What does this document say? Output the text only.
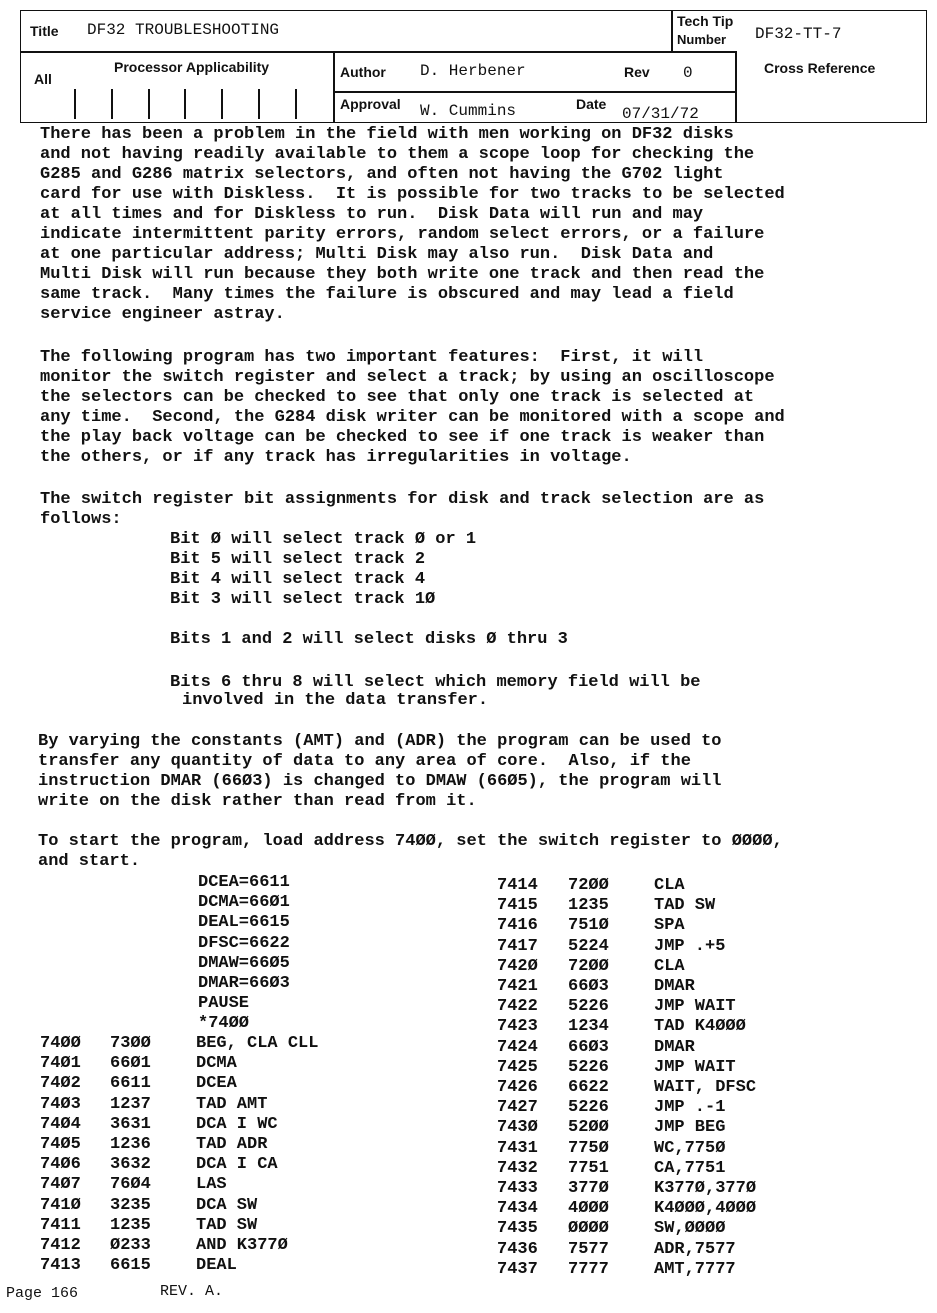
Title DF32 TROUBLESHOOTING	Tech Tip
Number DF32-TT-7
All
Processor Applicability	Author D. Herbener	Rev 0	Cross Reference
Approval W. Cummins	Date
07/31/72
There has been a problem in the field with men working on DF32 disks
and not having readily available to them a scope loop for checking the
G285 and G286 matrix selectors, and often not having the G702 light
card for use with Diskless.  It is possible for two tracks to be selected
at all times and for Diskless to run.  Disk Data will run and may
indicate intermittent parity errors, random select errors, or a failure
at one particular address; Multi Disk may also run.  Disk Data and
Multi Disk will run because they both write one track and then read the
same track.  Many times the failure is obscured and may lead a field
service engineer astray.
The following program has two important features:  First, it will
monitor the switch register and select a track; by using an oscilloscope
the selectors can be checked to see that only one track is selected at
any time.  Second, the G284 disk writer can be monitored with a scope and
the play back voltage can be checked to see if one track is weaker than
the others, or if any track has irregularities in voltage.
The switch register bit assignments for disk and track selection are as
follows:
Bit Ø will select track Ø or 1
Bit 5 will select track 2
Bit 4 will select track 4
Bit 3 will select track 1Ø
Bits 1 and 2 will select disks Ø thru 3
Bits 6 thru 8 will select which memory field will be
involved in the data transfer.
By varying the constants (AMT) and (ADR) the program can be used to
transfer any quantity of data to any area of core.  Also, if the
instruction DMAR (66Ø3) is changed to DMAW (66Ø5), the program will
write on the disk rather than read from it.
To start the program, load address 74ØØ, set the switch register to ØØØØ,
and start.
DCEA=6611
DCMA=66Ø1
DEAL=6615
DFSC=6622
DMAW=66Ø5
DMAR=66Ø3
PAUSE
*74ØØ
74ØØ 73ØØ	BEG, CLA CLL
74Ø1 66Ø1	DCMA
74Ø2 6611	DCEA
74Ø3 1237	TAD AMT
74Ø4 3631	DCA I WC
74Ø5 1236	TAD ADR
74Ø6 3632	DCA I CA
74Ø7 76Ø4	LAS
741Ø 3235	DCA SW
7411 1235	TAD SW
7412 Ø233	AND K377Ø
7413 6615	DEAL
7414 72ØØ	CLA
7415 1235	TAD SW
7416 751Ø	SPA
7417 5224	JMP .+5
742Ø 72ØØ	CLA
7421 66Ø3	DMAR
7422 5226	JMP WAIT
7423 1234	TAD K4ØØØ
7424 66Ø3	DMAR
7425 5226	JMP WAIT
7426 6622	WAIT, DFSC
7427 5226	JMP .-1
743Ø 52ØØ	JMP BEG
7431 775Ø	WC,775Ø
7432 7751	CA,7751
7433 377Ø	K377Ø,377Ø
7434 4ØØØ	K4ØØØ,4ØØØ
7435 ØØØØ	SW,ØØØØ
7436 7577	ADR,7577
7437 7777	AMT,7777
Page 166	REV. A.
